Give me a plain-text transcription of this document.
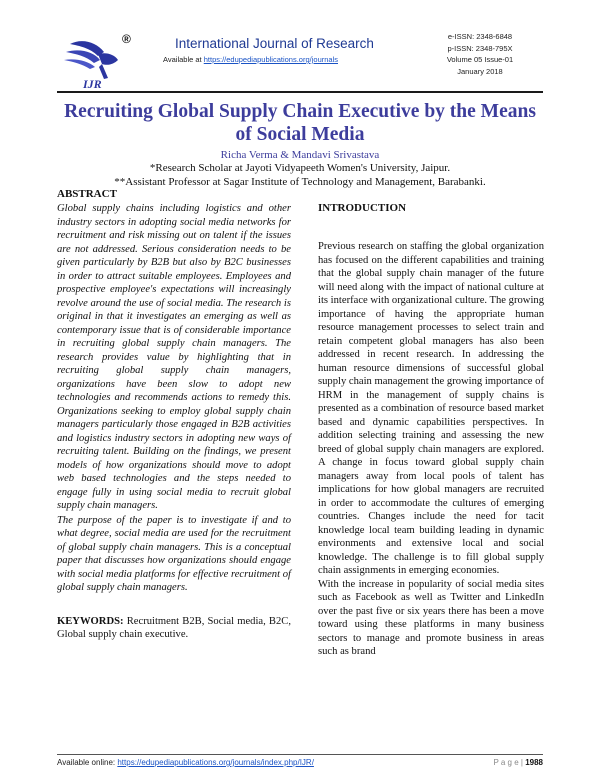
IJR
®	International Journal of Research
Available at https://edupediapublications.org/journals
e-ISSN: 2348-6848
p-ISSN: 2348-795X
Volume 05 Issue-01
January 2018
Recruiting Global Supply Chain Executive by the Means of Social Media
Richa Verma & Mandavi Srivastava
*Research Scholar at Jayoti Vidyapeeth Women's University, Jaipur.
**Assistant Professor at Sagar Institute of Technology and Management, Barabanki.
ABSTRACT

Global supply chains including logistics and other industry sectors in adopting social media networks for recruitment and risk missing out on talent if the issues are not addressed. Serious consideration needs to be given particularly by B2B but also by B2C businesses in order to attract suitable employees. Employees and prospective employee's expectations will increasingly revolve around the use of social media. The research is original in that it investigates an emerging as well as contemporary issue that is of considerable importance in recruiting global supply chain managers. The research provides value by highlighting that in recruiting global supply chain managers, organizations have been slow to adopt new technologies and recommends actions to remedy this. Organizations seeking to employ global supply chain managers particularly those engaged in B2B activities and logistics industry sectors in adopting new ways of recruiting talent. Building on the findings, we present models of how organizations should move to adopt web based technologies and the steps needed to engage fully in using social media to recruit global supply chain managers.

The purpose of the paper is to investigate if and to what degree, social media are used for the recruitment of global supply chain managers. This is a conceptual paper that discusses how organizations should engage with social media platforms for effective recruitment of global supply chain managers.

KEYWORDS: Recruitment B2B, Social media, B2C, Global supply chain executive.

INTRODUCTION

Previous research on staffing the global organization has focused on the different capabilities and training that the global supply chain manager of the future will need along with the impact of national culture at its interface with organizational culture. The growing importance of having the appropriate human resource management processes to select train and retain competent global managers has also been addressed in recent research. In addressing the human resource dimensions of successful global supply chain management the growing importance of HRM in the management of supply chains is presented as a combination of resource based market based and dynamic capabilities perspectives. In addition selecting training and assessing the new breed of global supply chain managers are explored. A change in focus toward global supply chain managers away from local pools of talent has implications for how global managers are recruited in order to accommodate the cultures of emerging countries. Changes include the need for tacit knowledge local team building leading in dynamic environments and extensive local and social knowledge. The challenge is to fill global supply chain assignments in emerging economies.

With the increase in popularity of social media sites such as Facebook as well as Twitter and LinkedIn over the past five or six years there has been a move toward using these platforms in many business sectors to manage and promote business in areas such as brand

Available online: https://edupediapublications.org/journals/index.php/IJR/	P a g e | 1988
